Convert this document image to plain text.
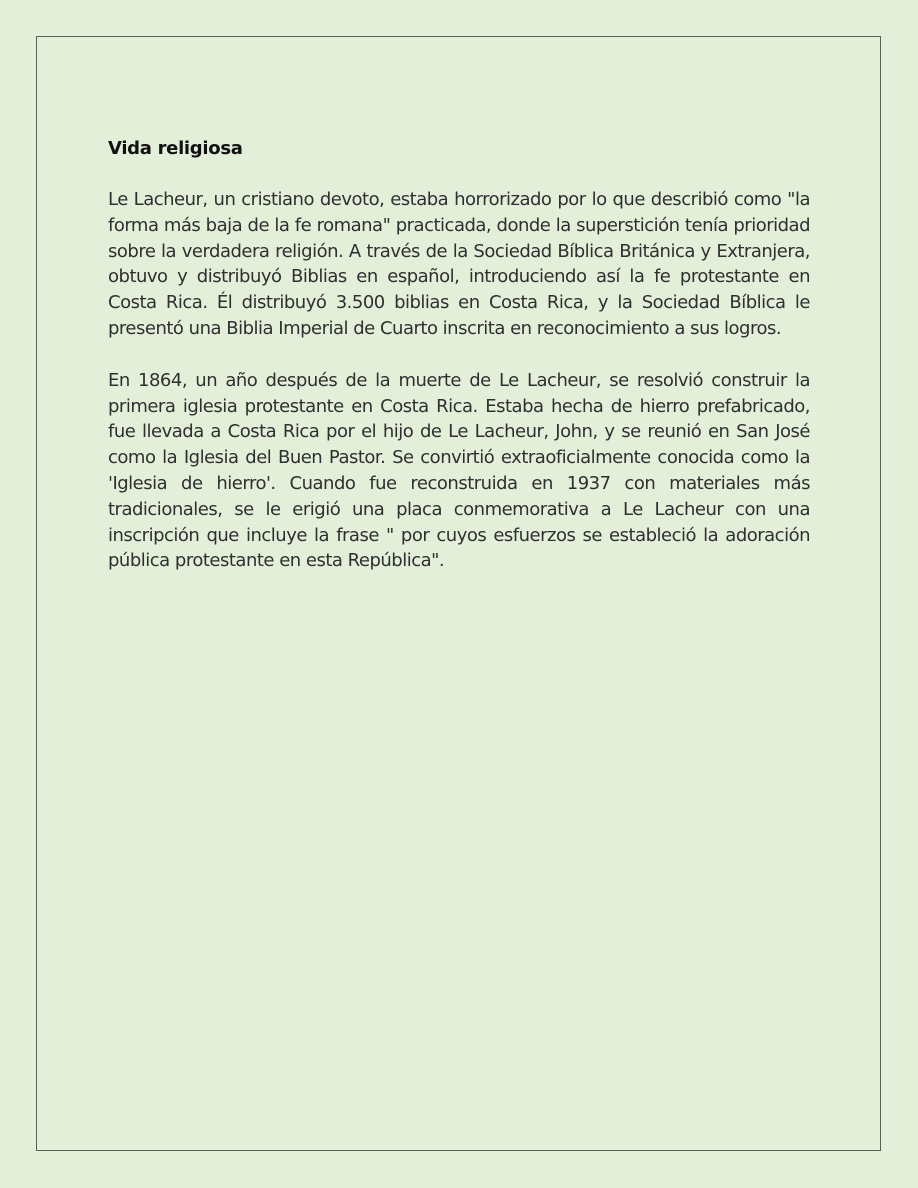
Vida religiosa

Le Lacheur, un cristiano devoto, estaba horrorizado por lo que describió como "la forma más baja de la fe romana" practicada, donde la superstición tenía prioridad sobre la verdadera religión. A través de la Sociedad Bíblica Británica y Extranjera, obtuvo y distribuyó Biblias en español, introduciendo así la fe protestante en Costa Rica. Él distribuyó 3.500 biblias en Costa Rica, y la Sociedad Bíblica le presentó una Biblia Imperial de Cuarto inscrita en reconocimiento a sus logros.

En 1864, un año después de la muerte de Le Lacheur, se resolvió construir la primera iglesia protestante en Costa Rica. Estaba hecha de hierro prefabricado, fue llevada a Costa Rica por el hijo de Le Lacheur, John, y se reunió en San José como la Iglesia del Buen Pastor. Se convirtió extraoficialmente conocida como la 'Iglesia de hierro'. Cuando fue reconstruida en 1937 con materiales más tradicionales, se le erigió una placa conmemorativa a Le Lacheur con una inscripción que incluye la frase " por cuyos esfuerzos se estableció la adoración pública protestante en esta República".
